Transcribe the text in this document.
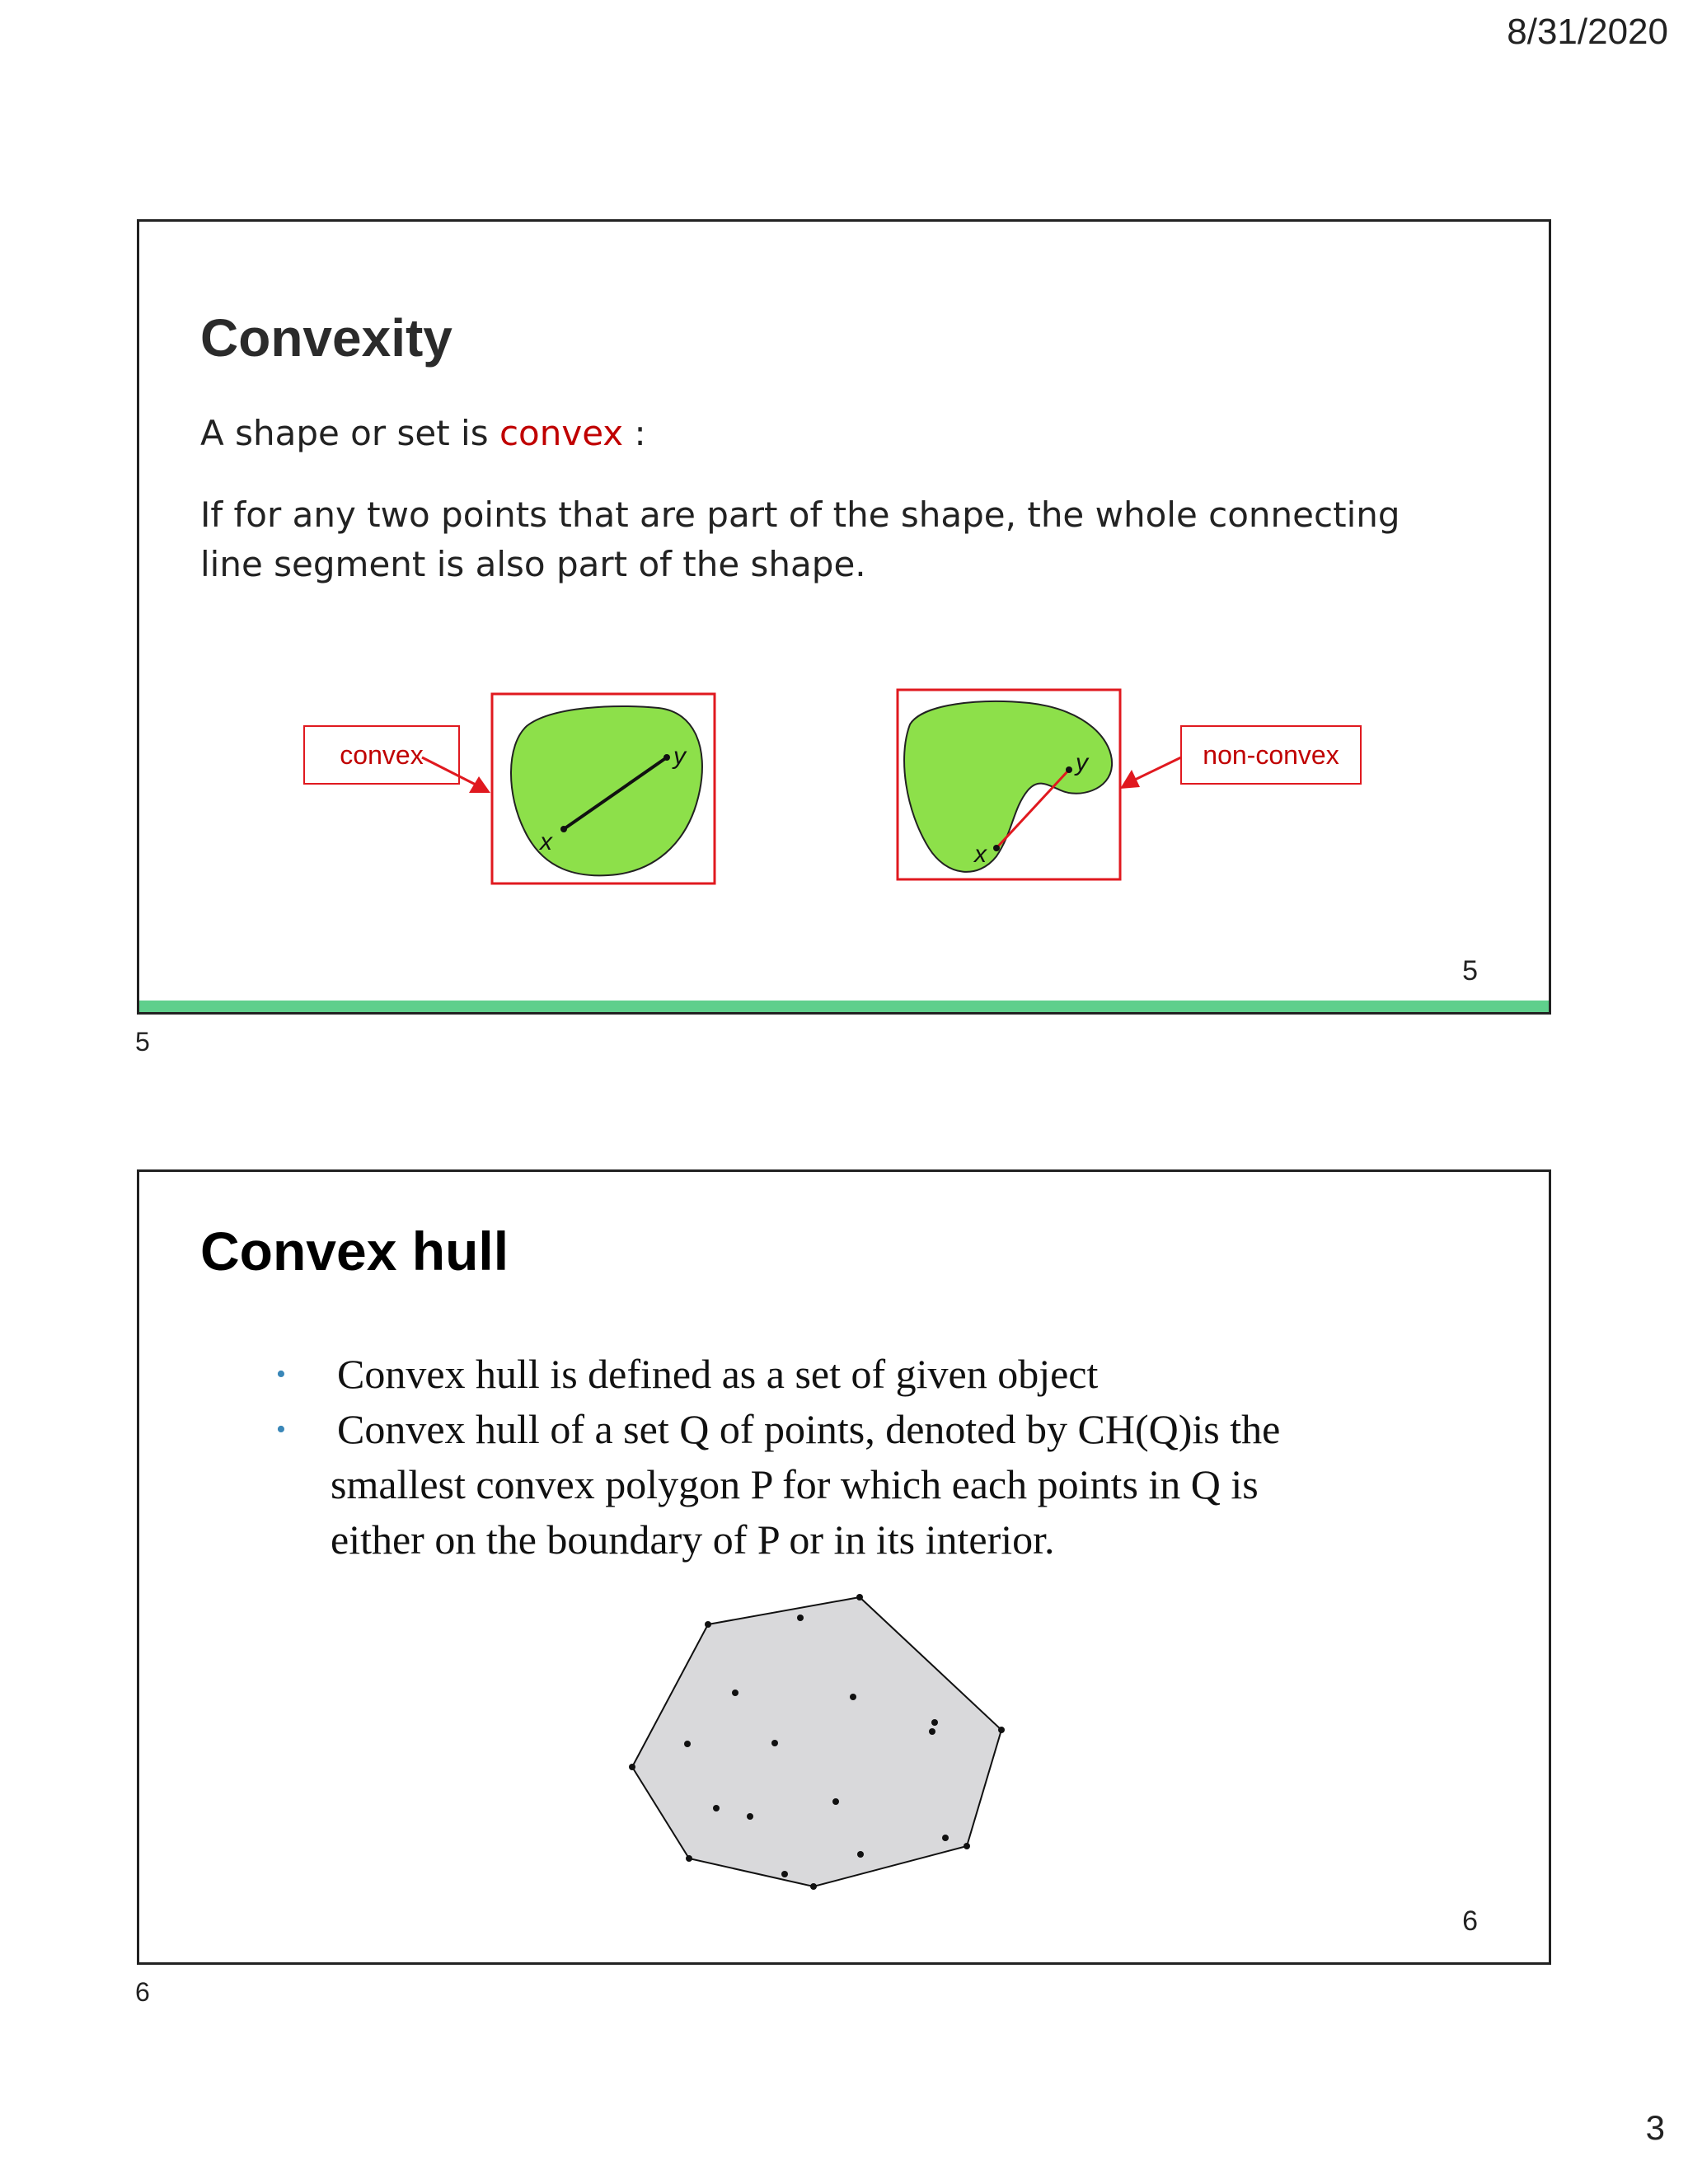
8/31/2020
Convexity
A shape or set is convex :
If for any two points that are part of the shape, the whole connecting line segment is also part of the shape.
convex
x
y
x
y	non-convex
5
5
Convex hull
• Convex hull is defined as a set of given object
• Convex hull of a set Q of points, denoted by CH(Q)is the
smallest convex polygon P for which each points in Q is
either on the boundary of P or in its interior.
6
6
3
